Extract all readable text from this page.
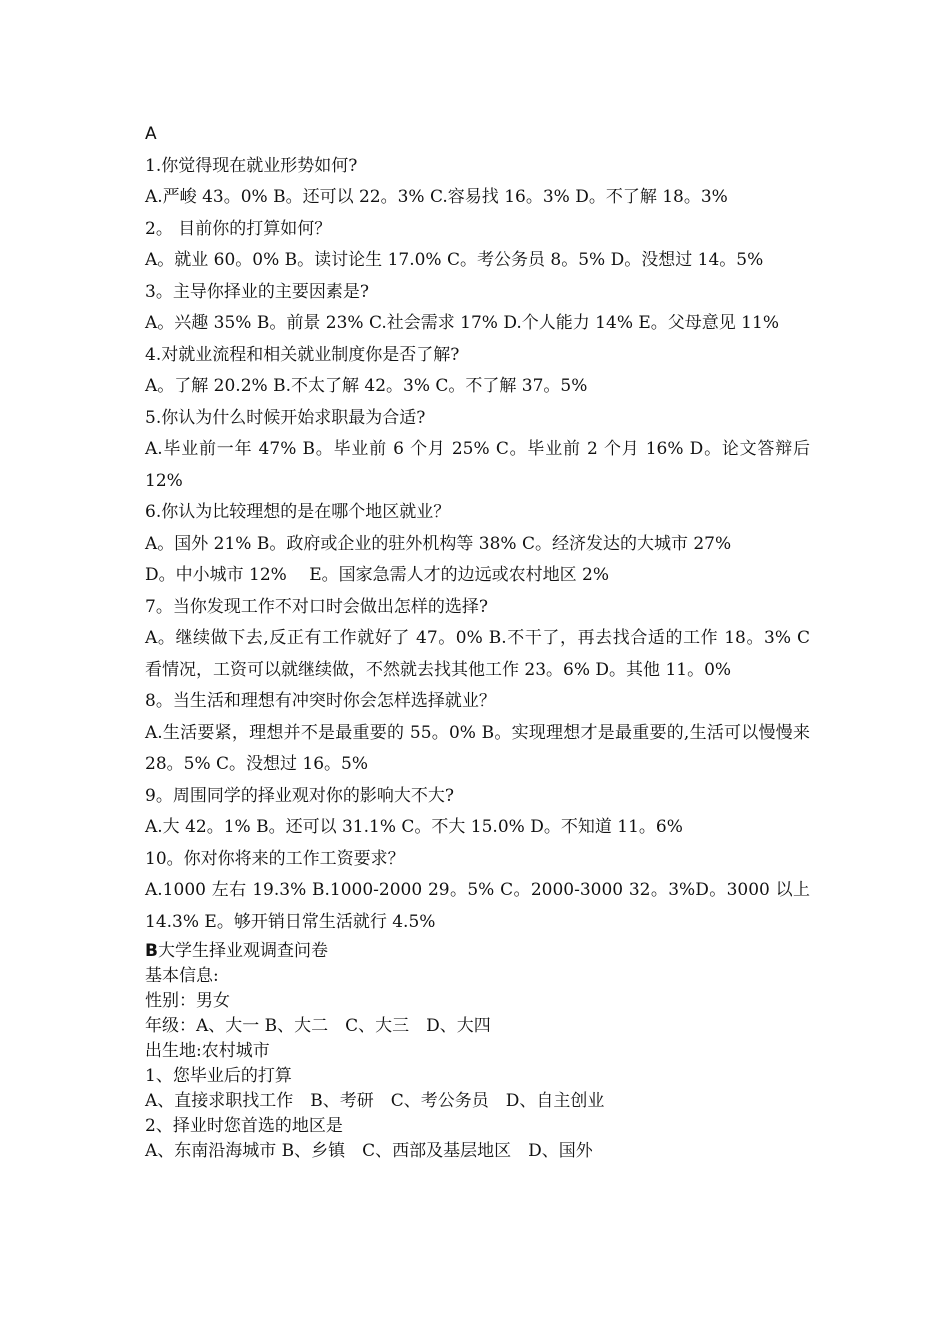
A

1.你觉得现在就业形势如何?

A.严峻 43。0% B。还可以 22。3% C.容易找 16。3% D。不了解 18。3%

2。 目前你的打算如何？

A。就业 60。0% B。读讨论生 17.0% C。考公务员 8。5% D。没想过 14。5%

3。主导你择业的主要因素是?

A。兴趣 35% B。前景 23% C.社会需求 17% D.个人能力 14% E。父母意见 11%

4.对就业流程和相关就业制度你是否了解?

A。了解 20.2% B.不太了解 42。3% C。不了解 37。5%

5.你认为什么时候开始求职最为合适?

A.毕业前一年 47% B。毕业前 6 个月 25% C。毕业前 2 个月 16% D。论文答辩后 12%

6.你认为比较理想的是在哪个地区就业？

A。国外 21% B。政府或企业的驻外机构等 38% C。经济发达的大城市 27%

D。中小城市 12%　 E。国家急需人才的边远或农村地区 2%

7。当你发现工作不对口时会做出怎样的选择?

A。继续做下去,反正有工作就好了 47。0% B.不干了，再去找合适的工作 18。3% C 看情况，工资可以就继续做，不然就去找其他工作 23。6% D。其他 11。0%

8。当生活和理想有冲突时你会怎样选择就业？

A.生活要紧，理想并不是最重要的 55。0% B。实现理想才是最重要的,生活可以慢慢来 28。5% C。没想过 16。5%

9。周围同学的择业观对你的影响大不大?

A.大 42。1% B。还可以 31.1% C。不大 15.0% D。不知道 11。6%

10。你对你将来的工作工资要求？

A.1000 左右 19.3% B.1000-2000 29。5% C。2000-3000 32。3%D。3000 以上 14.3% E。够开销日常生活就行 4.5%

B大学生择业观调查问卷

基本信息:

性别：男女

年级：A、大一 B、大二　C、大三　D、大四

出生地:农村城市

1、您毕业后的打算

A、直接求职找工作　B、考研　C、考公务员　D、自主创业

2、择业时您首选的地区是

A、东南沿海城市 B、乡镇　C、西部及基层地区　D、国外
